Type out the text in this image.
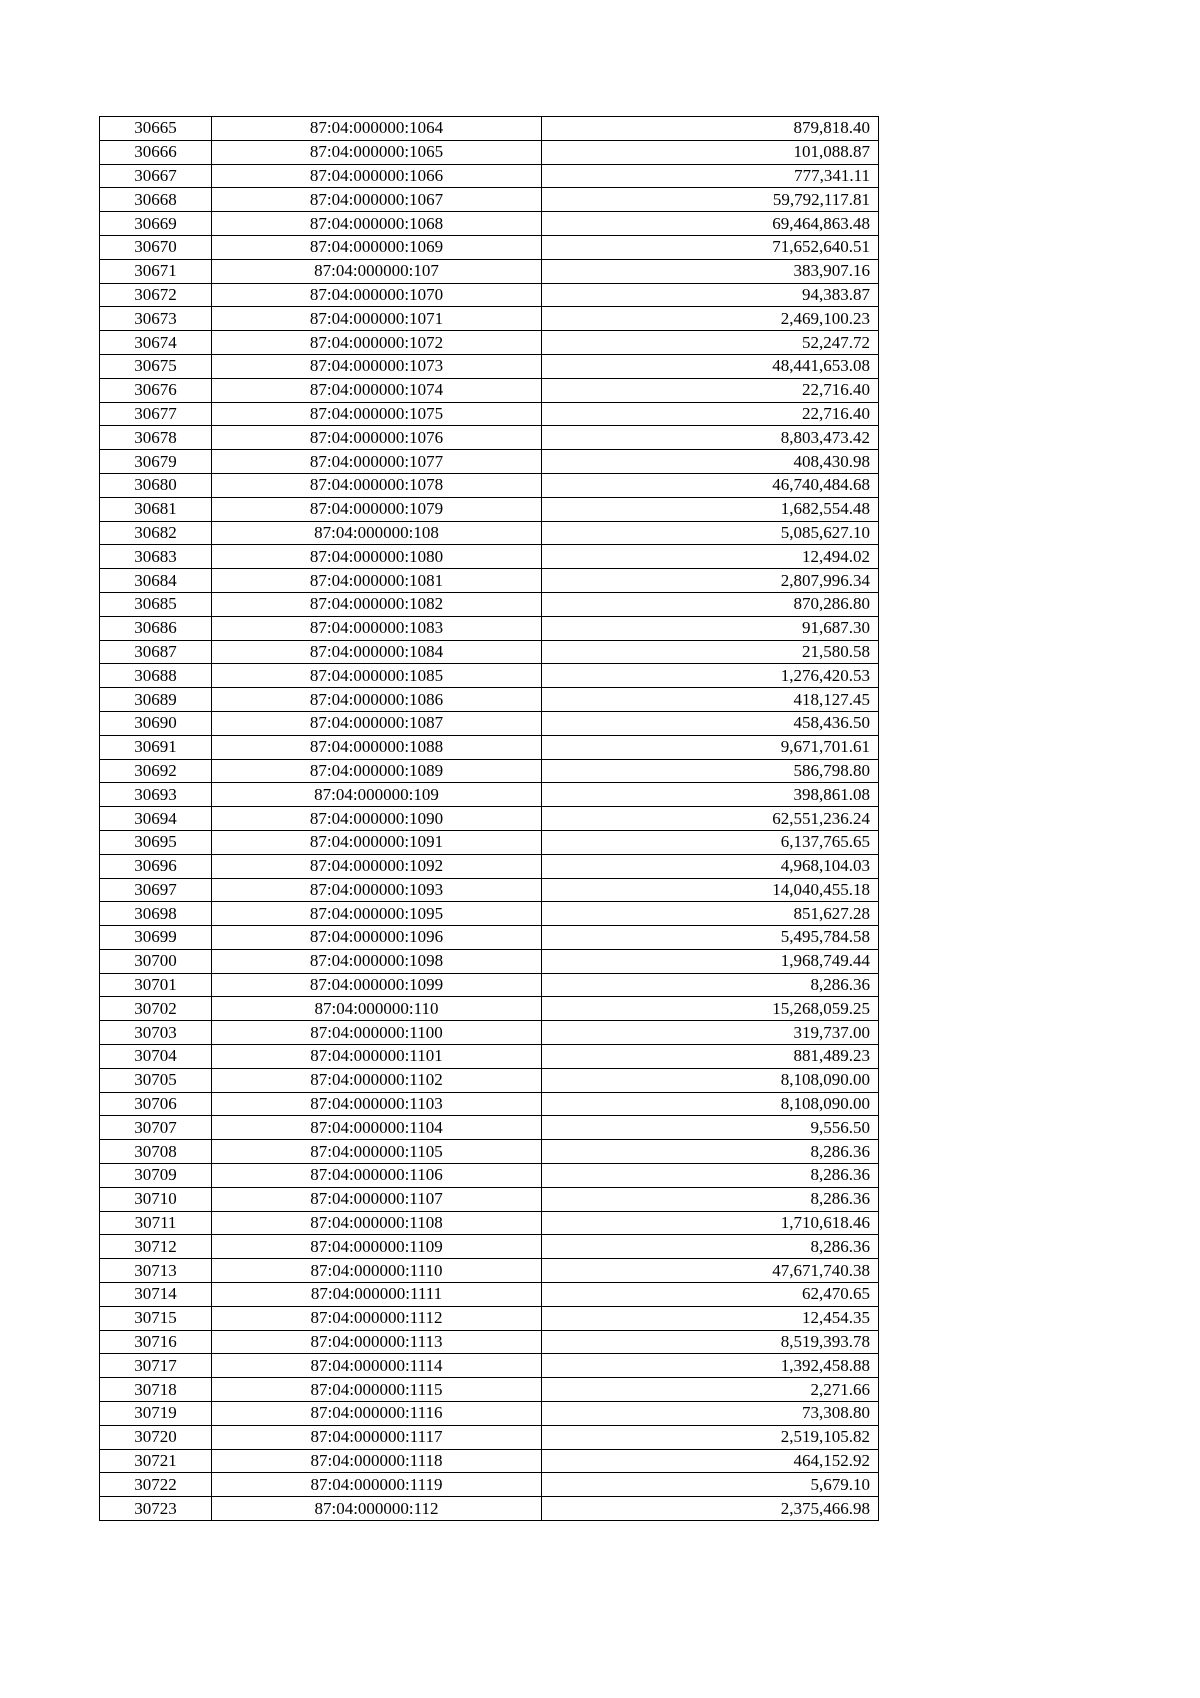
30665	87:04:000000:1064	879,818.40
30666	87:04:000000:1065	101,088.87
30667	87:04:000000:1066	777,341.11
30668	87:04:000000:1067	59,792,117.81
30669	87:04:000000:1068	69,464,863.48
30670	87:04:000000:1069	71,652,640.51
30671	87:04:000000:107	383,907.16
30672	87:04:000000:1070	94,383.87
30673	87:04:000000:1071	2,469,100.23
30674	87:04:000000:1072	52,247.72
30675	87:04:000000:1073	48,441,653.08
30676	87:04:000000:1074	22,716.40
30677	87:04:000000:1075	22,716.40
30678	87:04:000000:1076	8,803,473.42
30679	87:04:000000:1077	408,430.98
30680	87:04:000000:1078	46,740,484.68
30681	87:04:000000:1079	1,682,554.48
30682	87:04:000000:108	5,085,627.10
30683	87:04:000000:1080	12,494.02
30684	87:04:000000:1081	2,807,996.34
30685	87:04:000000:1082	870,286.80
30686	87:04:000000:1083	91,687.30
30687	87:04:000000:1084	21,580.58
30688	87:04:000000:1085	1,276,420.53
30689	87:04:000000:1086	418,127.45
30690	87:04:000000:1087	458,436.50
30691	87:04:000000:1088	9,671,701.61
30692	87:04:000000:1089	586,798.80
30693	87:04:000000:109	398,861.08
30694	87:04:000000:1090	62,551,236.24
30695	87:04:000000:1091	6,137,765.65
30696	87:04:000000:1092	4,968,104.03
30697	87:04:000000:1093	14,040,455.18
30698	87:04:000000:1095	851,627.28
30699	87:04:000000:1096	5,495,784.58
30700	87:04:000000:1098	1,968,749.44
30701	87:04:000000:1099	8,286.36
30702	87:04:000000:110	15,268,059.25
30703	87:04:000000:1100	319,737.00
30704	87:04:000000:1101	881,489.23
30705	87:04:000000:1102	8,108,090.00
30706	87:04:000000:1103	8,108,090.00
30707	87:04:000000:1104	9,556.50
30708	87:04:000000:1105	8,286.36
30709	87:04:000000:1106	8,286.36
30710	87:04:000000:1107	8,286.36
30711	87:04:000000:1108	1,710,618.46
30712	87:04:000000:1109	8,286.36
30713	87:04:000000:1110	47,671,740.38
30714	87:04:000000:1111	62,470.65
30715	87:04:000000:1112	12,454.35
30716	87:04:000000:1113	8,519,393.78
30717	87:04:000000:1114	1,392,458.88
30718	87:04:000000:1115	2,271.66
30719	87:04:000000:1116	73,308.80
30720	87:04:000000:1117	2,519,105.82
30721	87:04:000000:1118	464,152.92
30722	87:04:000000:1119	5,679.10
30723	87:04:000000:112	2,375,466.98
